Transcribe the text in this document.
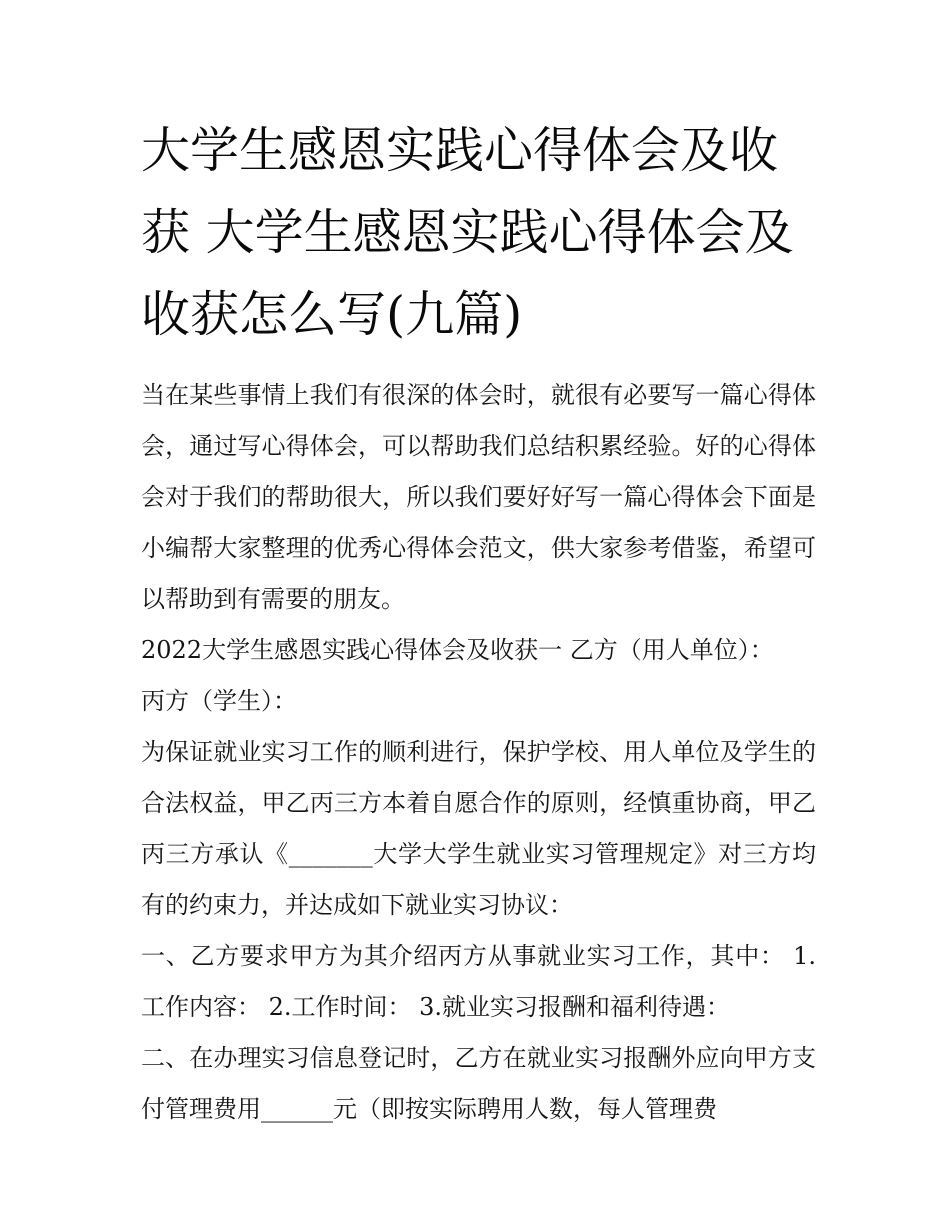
大学生感恩实践心得体会及收获 大学生感恩实践心得体会及收获怎么写(九篇)

当在某些事情上我们有很深的体会时，就很有必要写一篇心得体会，通过写心得体会，可以帮助我们总结积累经验。好的心得体会对于我们的帮助很大，所以我们要好好写一篇心得体会下面是小编帮大家整理的优秀心得体会范文，供大家参考借鉴，希望可以帮助到有需要的朋友。

2022大学生感恩实践心得体会及收获一 乙方（用人单位）：

丙方（学生）：

为保证就业实习工作的顺利进行，保护学校、用人单位及学生的合法权益，甲乙丙三方本着自愿合作的原则，经慎重协商，甲乙丙三方承认《_______大学大学生就业实习管理规定》对三方均有的约束力，并达成如下就业实习协议：

一、乙方要求甲方为其介绍丙方从事就业实习工作，其中： 1.工作内容： 2.工作时间： 3.就业实习报酬和福利待遇：

二、在办理实习信息登记时，乙方在就业实习报酬外应向甲方支付管理费用______元（即按实际聘用人数，每人管理费
